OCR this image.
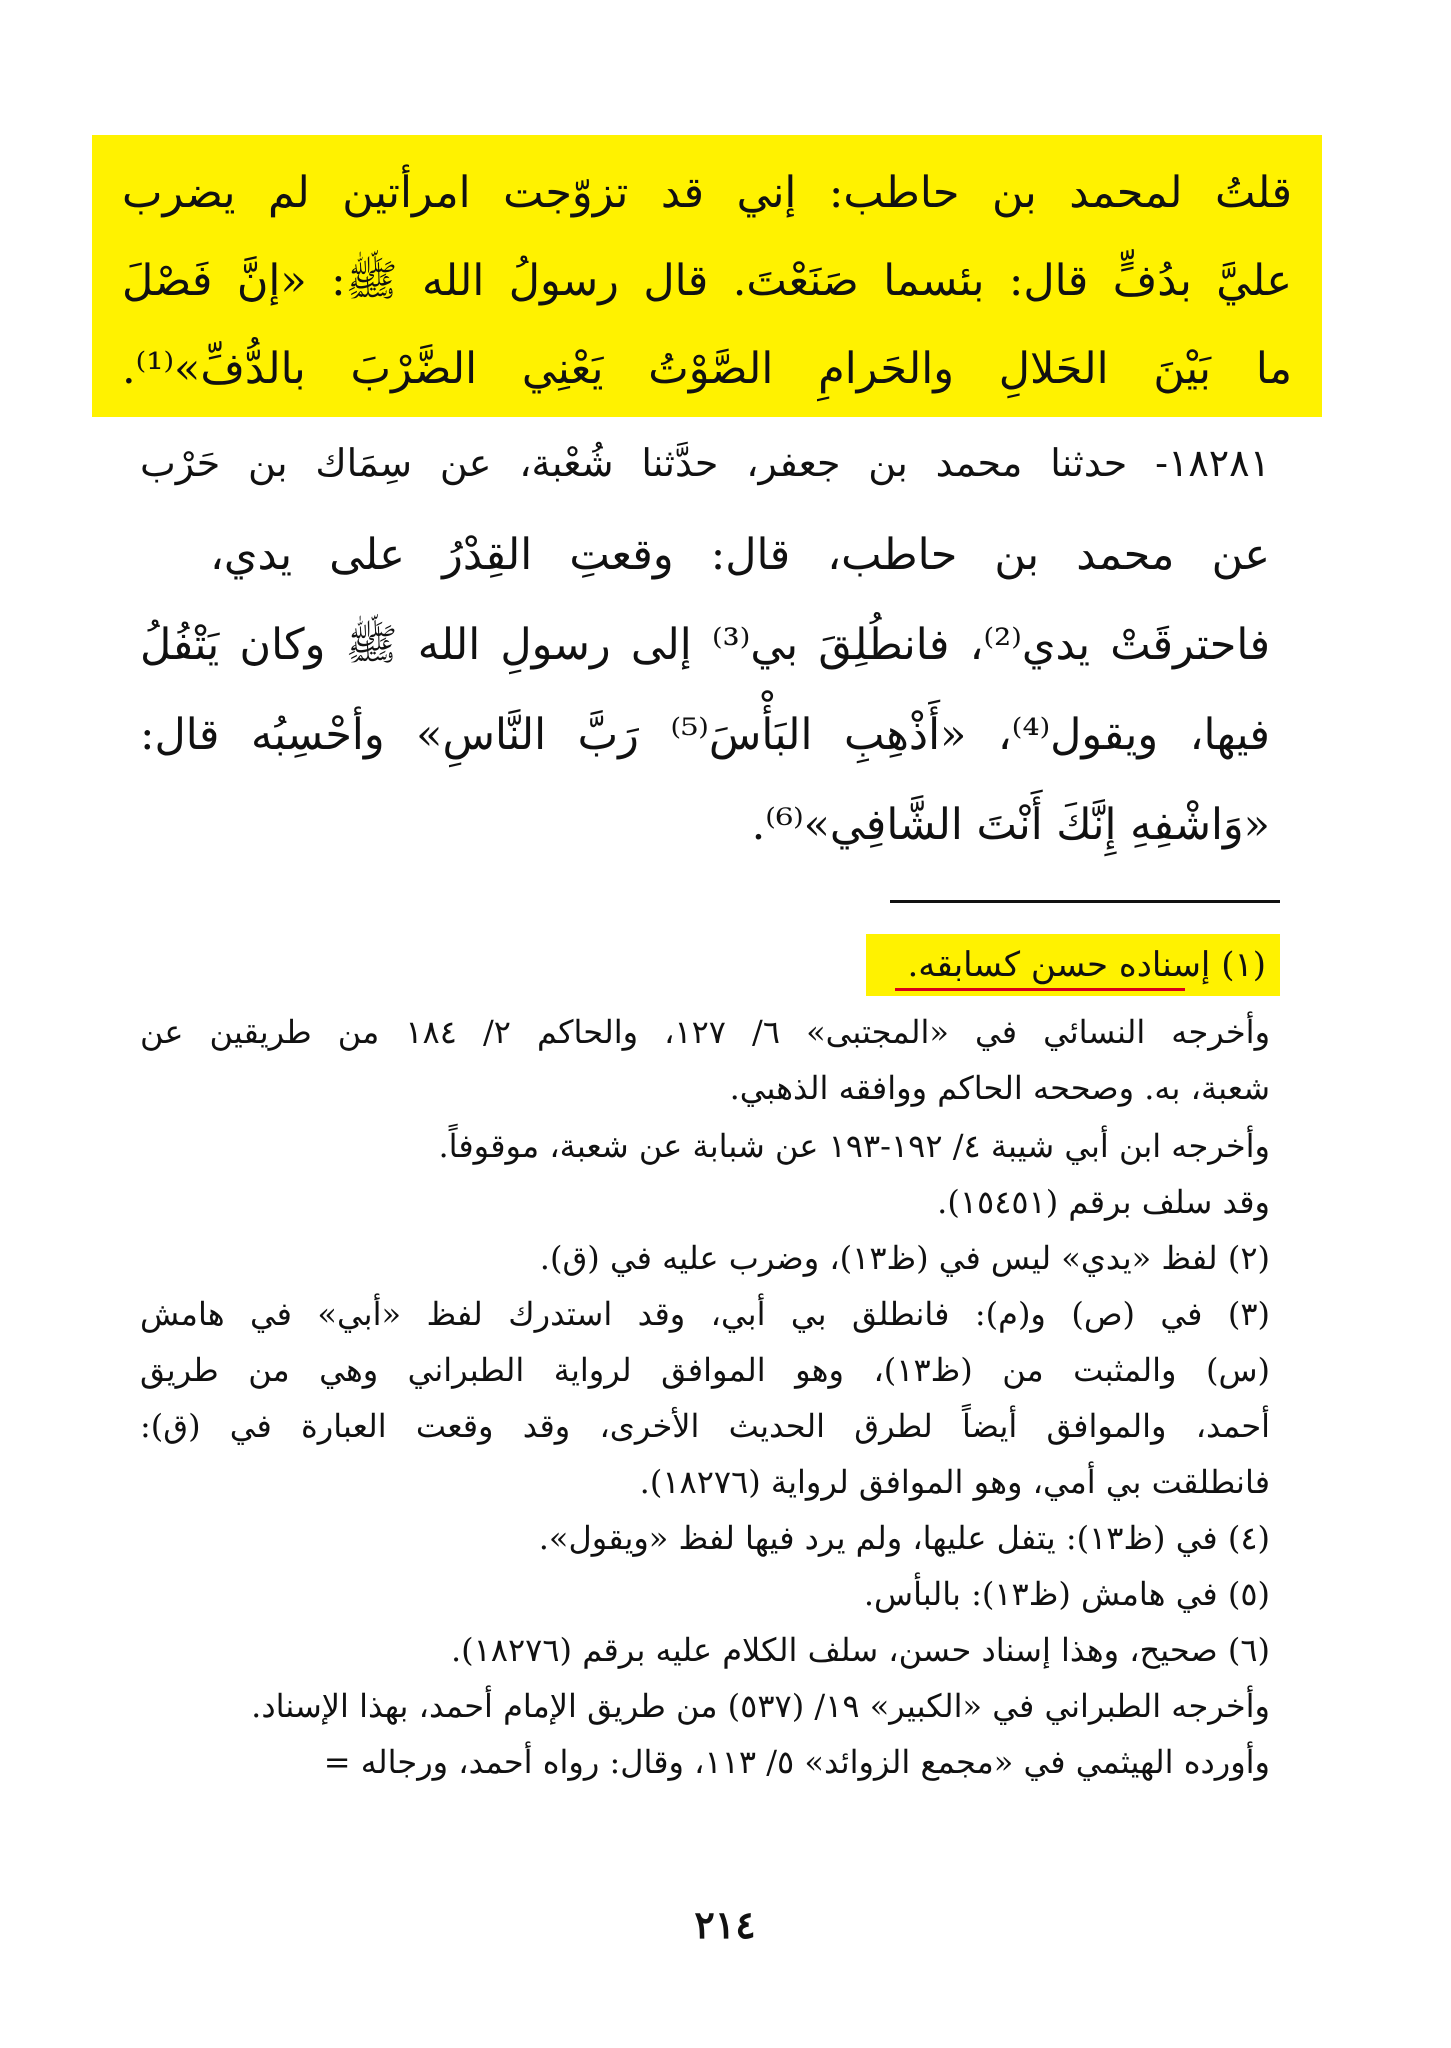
قلتُ لمحمد بن حاطب: إني قد تزوّجت امرأتين لم يضرب
عليَّ بدُفٍّ قال: بئسما صَنَعْتَ. قال رسولُ الله ﷺ: «إنَّ فَصْلَ
ما بَيْنَ الحَلالِ والحَرامِ الصَّوْتُ يَعْنِي الضَّرْبَ بالدُّفِّ»⁽¹⁾.
١٨٢٨١- حدثنا محمد بن جعفر، حدَّثنا شُعْبة، عن سِمَاك بن حَرْب
عن محمد بن حاطب، قال: وقعتِ القِدْرُ على يدي،
فاحترقَتْ يدي⁽²⁾، فانطُلِقَ بي⁽³⁾ إلى رسولِ الله ﷺ وكان يَتْفُلُ
فيها، ويقول⁽⁴⁾، «أَذْهِبِ البَأْسَ⁽⁵⁾ رَبَّ النَّاسِ» وأحْسِبُه قال:
«وَاشْفِهِ إِنَّكَ أَنْتَ الشَّافِي»⁽⁶⁾.
(١) إسناده حسن كسابقه.
وأخرجه النسائي في «المجتبى» ٦/ ١٢٧، والحاكم ٢/ ١٨٤ من طريقين عن
شعبة، به. وصححه الحاكم ووافقه الذهبي.
وأخرجه ابن أبي شيبة ٤/ ١٩٢-١٩٣ عن شبابة عن شعبة، موقوفاً.
وقد سلف برقم (١٥٤٥١).
(٢) لفظ «يدي» ليس في (ظ١٣)، وضرب عليه في (ق).
(٣) في (ص) و(م): فانطلق بي أبي، وقد استدرك لفظ «أبي» في هامش
(س) والمثبت من (ظ١٣)، وهو الموافق لرواية الطبراني وهي من طريق
أحمد، والموافق أيضاً لطرق الحديث الأخرى، وقد وقعت العبارة في (ق):
فانطلقت بي أمي، وهو الموافق لرواية (١٨٢٧٦).
(٤) في (ظ١٣): يتفل عليها، ولم يرد فيها لفظ «ويقول».
(٥) في هامش (ظ١٣): بالبأس.
(٦) صحيح، وهذا إسناد حسن، سلف الكلام عليه برقم (١٨٢٧٦).
وأخرجه الطبراني في «الكبير» ١٩/ (٥٣٧) من طريق الإمام أحمد، بهذا الإسناد.
وأورده الهيثمي في «مجمع الزوائد» ٥/ ١١٣، وقال: رواه أحمد، ورجاله =
٢١٤
